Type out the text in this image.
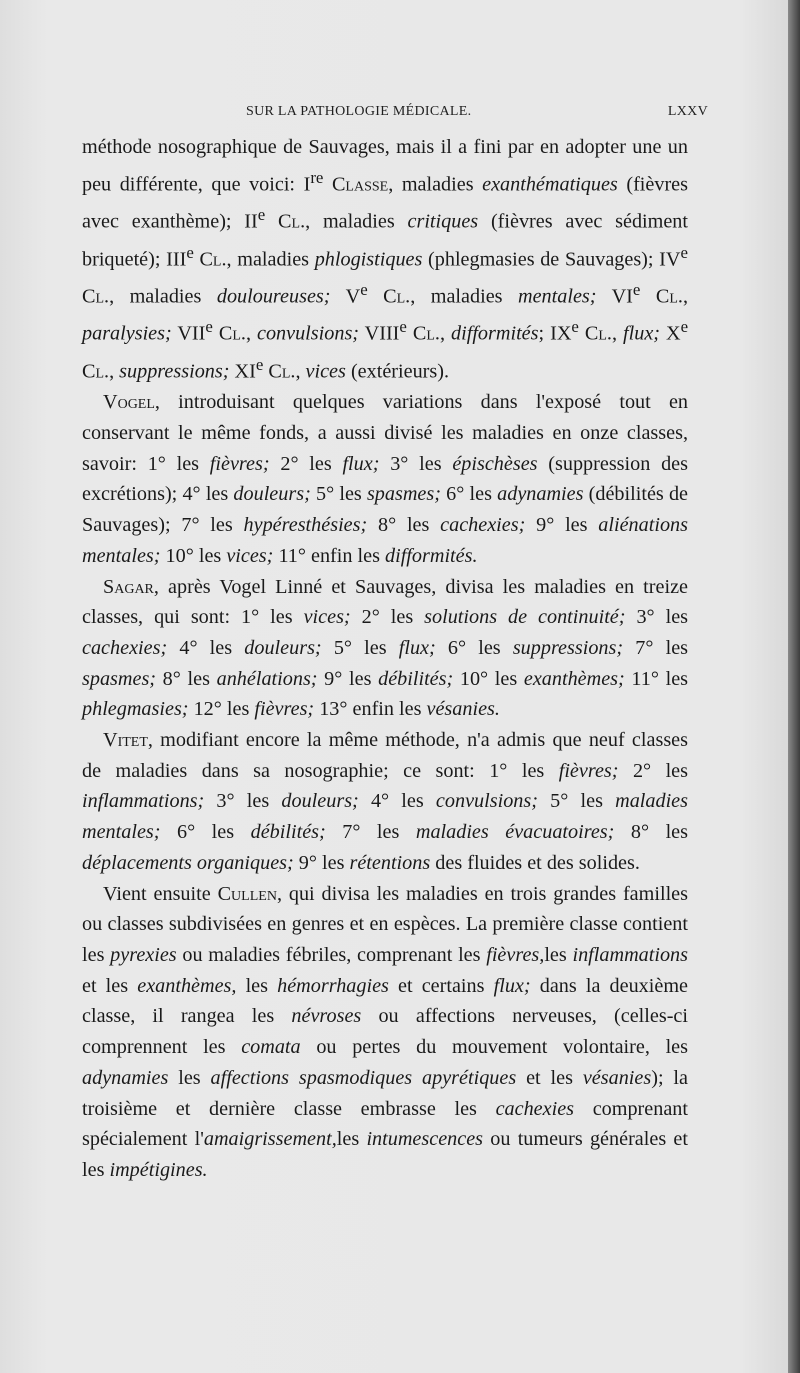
SUR LA PATHOLOGIE MÉDICALE.	LXXV

méthode nosographique de Sauvages, mais il a fini par en adopter une un peu différente, que voici: Ire Classe, maladies exanthématiques (fièvres avec exanthème); IIe Cl., maladies critiques (fièvres avec sédiment briqueté); IIIe Cl., maladies phlogistiques (phlegmasies de Sauvages); IVe Cl., maladies douloureuses; Ve Cl., maladies mentales; VIe Cl., paralysies; VIIe Cl., convulsions; VIIIe Cl., difformités; IXe Cl., flux; Xe Cl., suppressions; XIe Cl., vices (extérieurs).

Vogel, introduisant quelques variations dans l'exposé tout en conservant le même fonds, a aussi divisé les maladies en onze classes, savoir: 1° les fièvres; 2° les flux; 3° les épischèses (suppression des excrétions); 4° les douleurs; 5° les spasmes; 6° les adynamies (débilités de Sauvages); 7° les hypéresthésies; 8° les cachexies; 9° les aliénations mentales; 10° les vices; 11° enfin les difformités.

Sagar, après Vogel Linné et Sauvages, divisa les maladies en treize classes, qui sont: 1° les vices; 2° les solutions de continuité; 3° les cachexies; 4° les douleurs; 5° les flux; 6° les suppressions; 7° les spasmes; 8° les anhélations; 9° les débilités; 10° les exanthèmes; 11° les phlegmasies; 12° les fièvres; 13° enfin les vésanies.

Vitet, modifiant encore la même méthode, n'a admis que neuf classes de maladies dans sa nosographie; ce sont: 1° les fièvres; 2° les inflammations; 3° les douleurs; 4° les convulsions; 5° les maladies mentales; 6° les débilités; 7° les maladies évacuatoires; 8° les déplacements organiques; 9° les rétentions des fluides et des solides.

Vient ensuite Cullen, qui divisa les maladies en trois grandes familles ou classes subdivisées en genres et en espèces. La première classe contient les pyrexies ou maladies fébriles, comprenant les fièvres,les inflammations et les exanthèmes, les hémorrhagies et certains flux; dans la deuxième classe, il rangea les névroses ou affections nerveuses, (celles-ci comprennent les comata ou pertes du mouvement volontaire, les adynamies les affections spasmodiques apyrétiques et les vésanies); la troisième et dernière classe embrasse les cachexies comprenant spécialement l'amaigrissement,les intumescences ou tumeurs générales et les impétigines.
